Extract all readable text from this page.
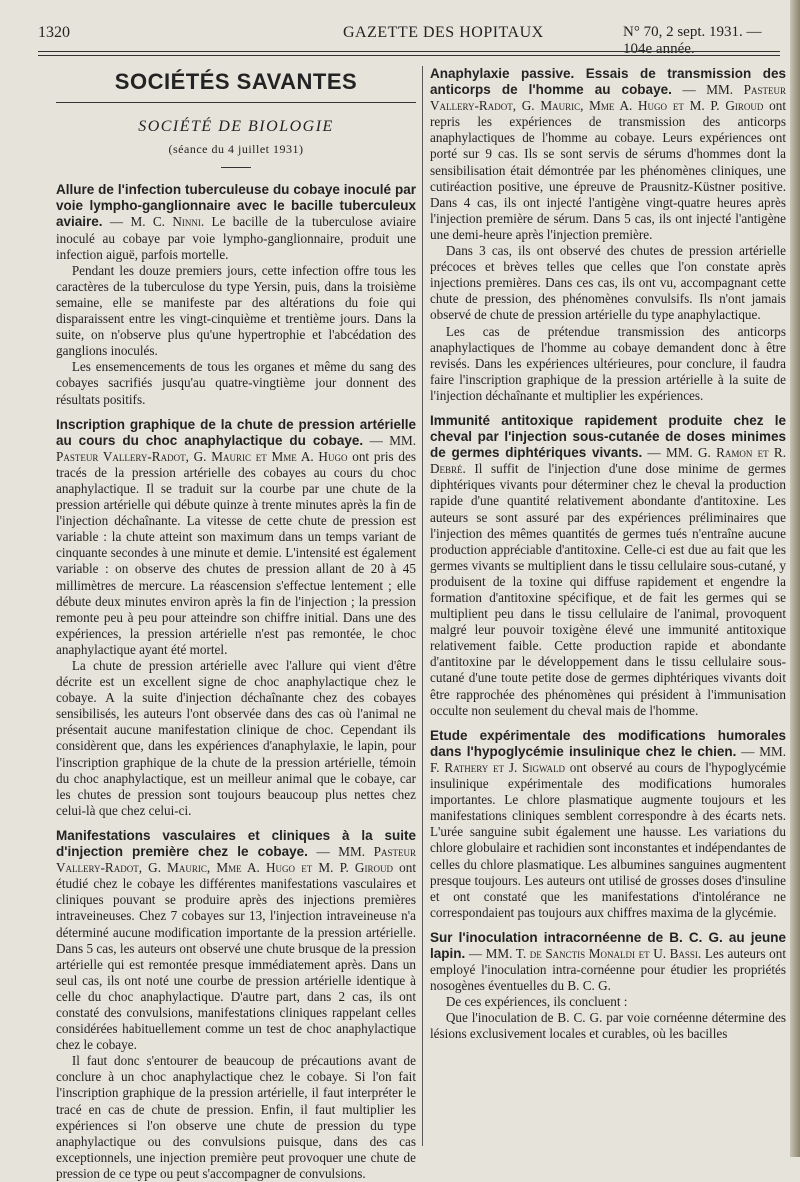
1320	GAZETTE DES HOPITAUX	N° 70, 2 sept. 1931. — 104e année.
SOCIÉTÉS SAVANTES
SOCIÉTÉ DE BIOLOGIE
(séance du 4 juillet 1931)

Allure de l'infection tuberculeuse du cobaye inoculé par voie lympho-ganglionnaire avec le bacille tuberculeux aviaire. — M. C. Ninni. Le bacille de la tuberculose aviaire inoculé au cobaye par voie lympho-ganglionnaire, produit une infection aiguë, parfois mortelle.

Pendant les douze premiers jours, cette infection offre tous les caractères de la tuberculose du type Yersin, puis, dans la troisième semaine, elle se manifeste par des altérations du foie qui disparaissent entre les vingt-cinquième et trentième jours. Dans la suite, on n'observe plus qu'une hypertrophie et l'abcédation des ganglions inoculés.

Les ensemencements de tous les organes et même du sang des cobayes sacrifiés jusqu'au quatre-vingtième jour donnent des résultats positifs.

Inscription graphique de la chute de pression artérielle au cours du choc anaphylactique du cobaye. — MM. Pasteur Vallery-Radot, G. Mauric et Mme A. Hugo ont pris des tracés de la pression artérielle des cobayes au cours du choc anaphylactique. Il se traduit sur la courbe par une chute de la pression artérielle qui débute quinze à trente minutes après la fin de l'injection déchaînante. La vitesse de cette chute de pression est variable : la chute atteint son maximum dans un temps variant de cinquante secondes à une minute et demie. L'intensité est également variable : on observe des chutes de pression allant de 20 à 45 millimètres de mercure. La réascension s'effectue lentement ; elle débute deux minutes environ après la fin de l'injection ; la pression remonte peu à peu pour atteindre son chiffre initial. Dans une des expériences, la pression artérielle n'est pas remontée, le choc anaphylactique ayant été mortel.

La chute de pression artérielle avec l'allure qui vient d'être décrite est un excellent signe de choc anaphylactique chez le cobaye. A la suite d'injection déchaînante chez des cobayes sensibilisés, les auteurs l'ont observée dans des cas où l'animal ne présentait aucune manifestation clinique de choc. Cependant ils considèrent que, dans les expériences d'anaphylaxie, le lapin, pour l'inscription graphique de la chute de la pression artérielle, témoin du choc anaphylactique, est un meilleur animal que le cobaye, car les chutes de pression sont toujours beaucoup plus nettes chez celui-là que chez celui-ci.

Manifestations vasculaires et cliniques à la suite d'injection première chez le cobaye. — MM. Pasteur Vallery-Radot, G. Mauric, Mme A. Hugo et M. P. Giroud ont étudié chez le cobaye les différentes manifestations vasculaires et cliniques pouvant se produire après des injections premières intraveineuses. Chez 7 cobayes sur 13, l'injection intraveineuse n'a déterminé aucune modification importante de la pression artérielle. Dans 5 cas, les auteurs ont observé une chute brusque de la pression artérielle qui est remontée presque immédiatement après. Dans un seul cas, ils ont noté une courbe de pression artérielle identique à celle du choc anaphylactique. D'autre part, dans 2 cas, ils ont constaté des convulsions, manifestations cliniques rappelant celles considérées habituellement comme un test de choc anaphylactique chez le cobaye.

Il faut donc s'entourer de beaucoup de précautions avant de conclure à un choc anaphylactique chez le cobaye. Si l'on fait l'inscription graphique de la pression artérielle, il faut interpréter le tracé en cas de chute de pression. Enfin, il faut multiplier les expériences si l'on observe une chute de pression du type anaphylactique ou des convulsions puisque, dans des cas exceptionnels, une injection première peut provoquer une chute de pression de ce type ou peut s'accompagner de convulsions.

Anaphylaxie passive. Essais de transmission des anticorps de l'homme au cobaye. — MM. Pasteur Vallery-Radot, G. Mauric, Mme A. Hugo et M. P. Giroud ont repris les expériences de transmission des anticorps anaphylactiques de l'homme au cobaye. Leurs expériences ont porté sur 9 cas. Ils se sont servis de sérums d'hommes dont la sensibilisation était démontrée par les phénomènes cliniques, une cutiréaction positive, une épreuve de Prausnitz-Küstner positive. Dans 4 cas, ils ont injecté l'antigène vingt-quatre heures après l'injection première de sérum. Dans 5 cas, ils ont injecté l'antigène une demi-heure après l'injection première.

Dans 3 cas, ils ont observé des chutes de pression artérielle précoces et brèves telles que celles que l'on constate après injections premières. Dans ces cas, ils ont vu, accompagnant cette chute de pression, des phénomènes convulsifs. Ils n'ont jamais observé de chute de pression artérielle du type anaphylactique.

Les cas de prétendue transmission des anticorps anaphylactiques de l'homme au cobaye demandent donc à être revisés. Dans les expériences ultérieures, pour conclure, il faudra faire l'inscription graphique de la pression artérielle à la suite de l'injection déchaînante et multiplier les expériences.

Immunité antitoxique rapidement produite chez le cheval par l'injection sous-cutanée de doses minimes de germes diphtériques vivants. — MM. G. Ramon et R. Debré. Il suffit de l'injection d'une dose minime de germes diphtériques vivants pour déterminer chez le cheval la production rapide d'une quantité relativement abondante d'antitoxine. Les auteurs se sont assuré par des expériences préliminaires que l'injection des mêmes quantités de germes tués n'entraîne aucune production appréciable d'antitoxine. Celle-ci est due au fait que les germes vivants se multiplient dans le tissu cellulaire sous-cutané, y produisent de la toxine qui diffuse rapidement et engendre la formation d'antitoxine spécifique, et de fait les germes qui se multiplient peu dans le tissu cellulaire de l'animal, provoquent malgré leur pouvoir toxigène élevé une immunité antitoxique relativement faible. Cette production rapide et abondante d'antitoxine par le développement dans le tissu cellulaire sous-cutané d'une toute petite dose de germes diphtériques vivants doit être rapprochée des phénomènes qui président à l'immunisation occulte non seulement du cheval mais de l'homme.

Etude expérimentale des modifications humorales dans l'hypoglycémie insulinique chez le chien. — MM. F. Rathery et J. Sigwald ont observé au cours de l'hypoglycémie insulinique expérimentale des modifications humorales importantes. Le chlore plasmatique augmente toujours et les manifestations cliniques semblent correspondre à des écarts nets. L'urée sanguine subit également une hausse. Les variations du chlore globulaire et rachidien sont inconstantes et indépendantes de celles du chlore plasmatique. Les albumines sanguines augmentent presque toujours. Les auteurs ont utilisé de grosses doses d'insuline et ont constaté que les manifestations d'intolérance ne correspondaient pas toujours aux chiffres maxima de la glycémie.

Sur l'inoculation intracornéenne de B. C. G. au jeune lapin. — MM. T. de Sanctis Monaldi et U. Bassi. Les auteurs ont employé l'inoculation intra-cornéenne pour étudier les propriétés nosogènes éventuelles du B. C. G.

De ces expériences, ils concluent :

Que l'inoculation de B. C. G. par voie cornéenne détermine des lésions exclusivement locales et curables, où les bacilles
